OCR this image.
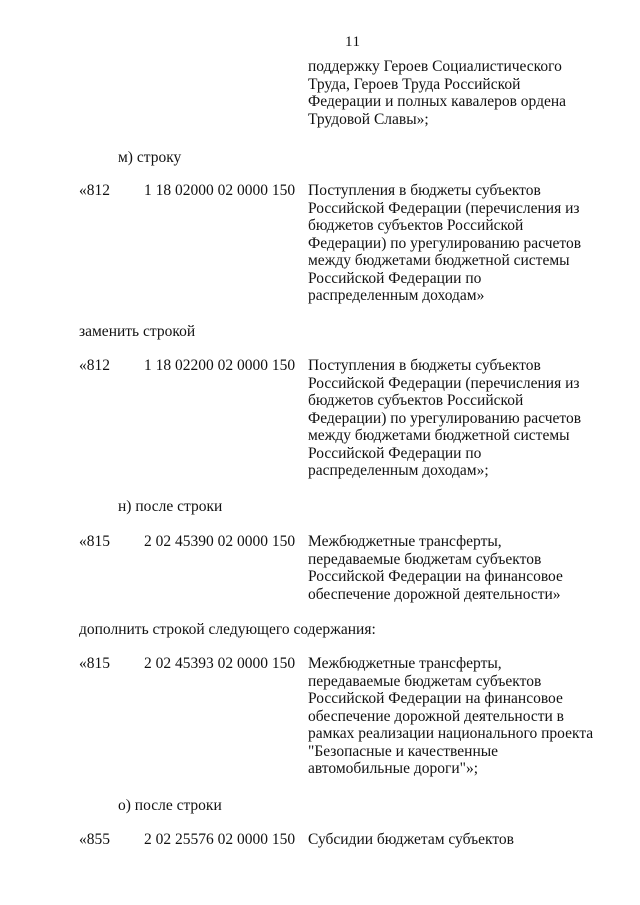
11
поддержку Героев Социалистического
Труда, Героев Труда Российской
Федерации и полных кавалеров ордена
Трудовой Славы»;
м) строку
«812 1 18 02000 02 0000 150 Поступления в бюджеты субъектов
Российской Федерации (перечисления из
бюджетов субъектов Российской
Федерации) по урегулированию расчетов
между бюджетами бюджетной системы
Российской Федерации по
распределенным доходам»
заменить строкой
«812 1 18 02200 02 0000 150 Поступления в бюджеты субъектов
Российской Федерации (перечисления из
бюджетов субъектов Российской
Федерации) по урегулированию расчетов
между бюджетами бюджетной системы
Российской Федерации по
распределенным доходам»;
н) после строки
«815 2 02 45390 02 0000 150 Межбюджетные трансферты,
передаваемые бюджетам субъектов
Российской Федерации на финансовое
обеспечение дорожной деятельности»
дополнить строкой следующего содержания:
«815 2 02 45393 02 0000 150 Межбюджетные трансферты,
передаваемые бюджетам субъектов
Российской Федерации на финансовое
обеспечение дорожной деятельности в
рамках реализации национального проекта
"Безопасные и качественные
автомобильные дороги"»;
о) после строки
«855 2 02 25576 02 0000 150 Субсидии бюджетам субъектов
